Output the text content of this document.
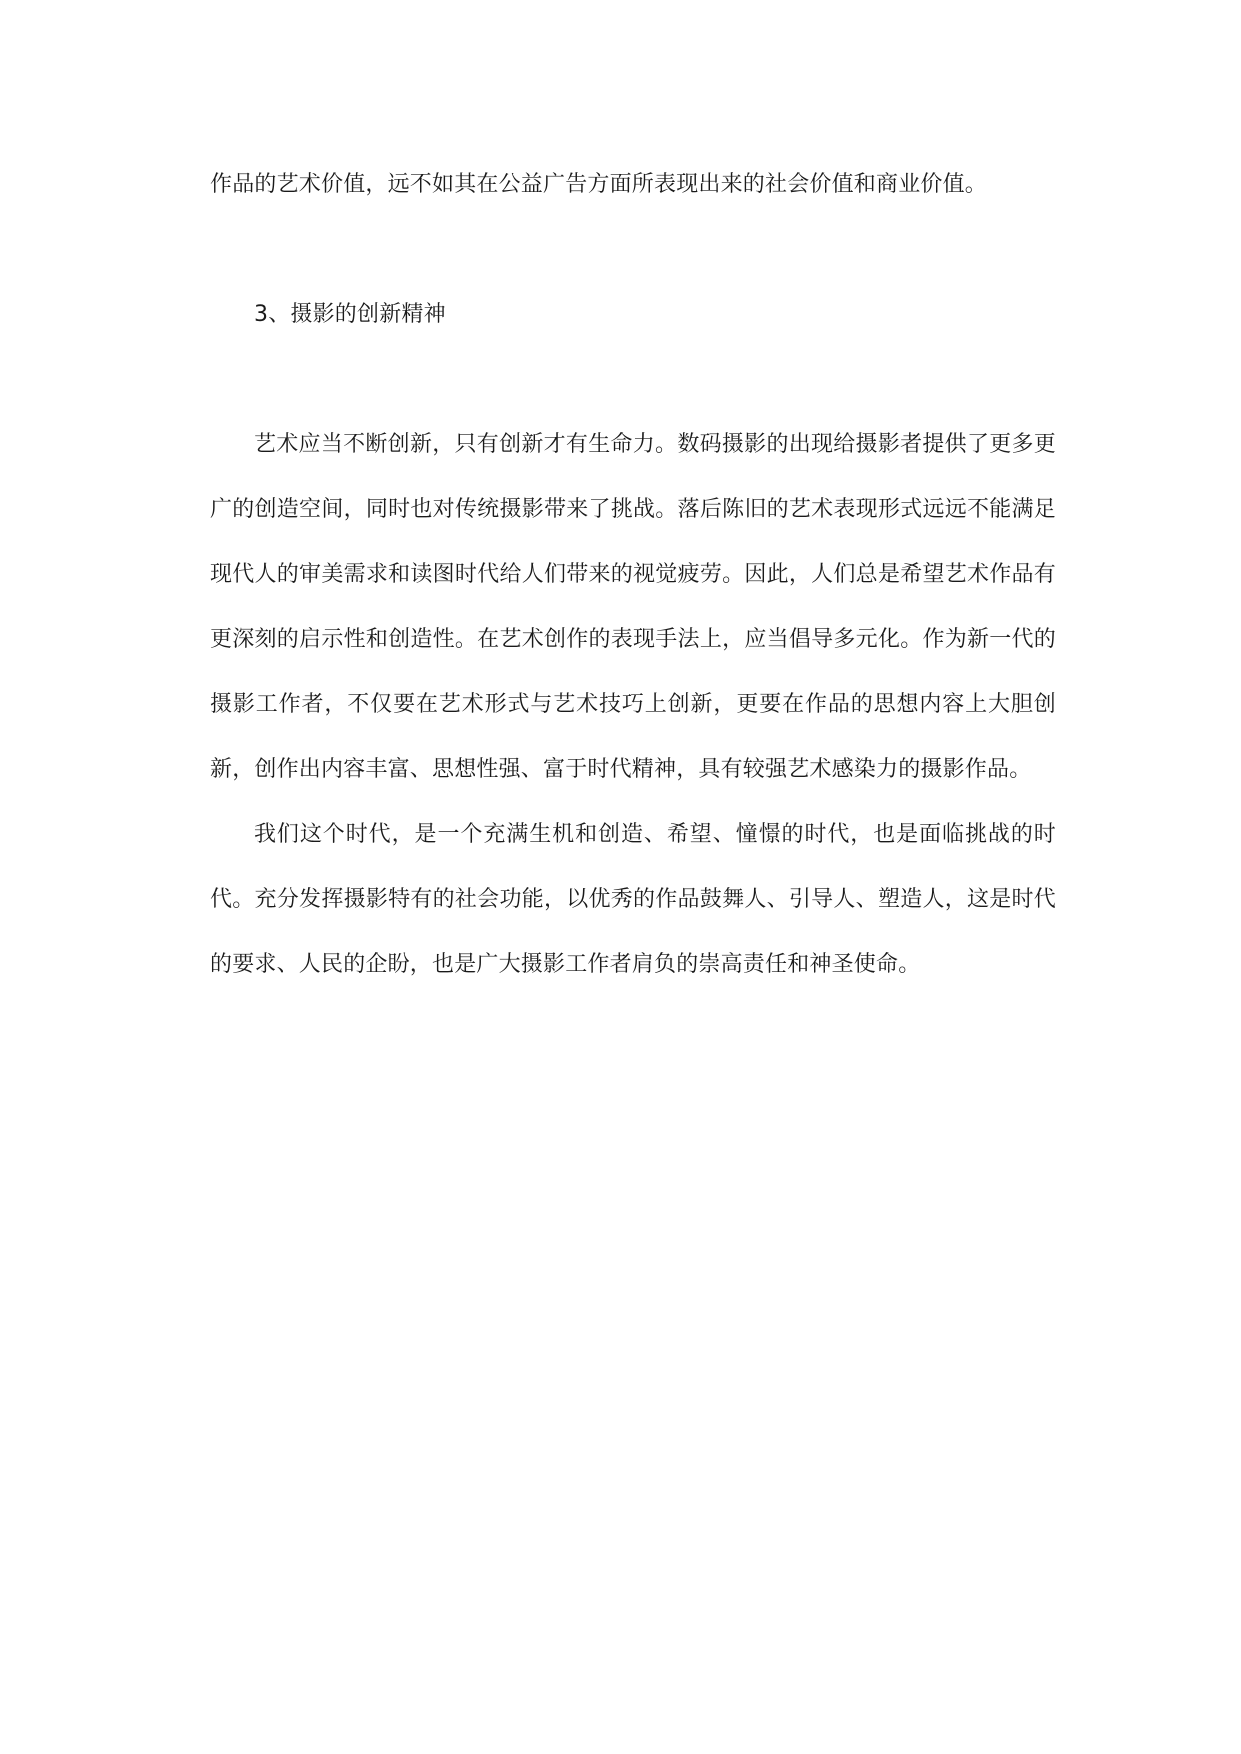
作品的艺术价值，远不如其在公益广告方面所表现出来的社会价值和商业价值。

3、摄影的创新精神

艺术应当不断创新，只有创新才有生命力。数码摄影的出现给摄影者提供了更多更广的创造空间，同时也对传统摄影带来了挑战。落后陈旧的艺术表现形式远远不能满足现代人的审美需求和读图时代给人们带来的视觉疲劳。因此，人们总是希望艺术作品有更深刻的启示性和创造性。在艺术创作的表现手法上，应当倡导多元化。作为新一代的摄影工作者，不仅要在艺术形式与艺术技巧上创新，更要在作品的思想内容上大胆创新，创作出内容丰富、思想性强、富于时代精神，具有较强艺术感染力的摄影作品。

我们这个时代，是一个充满生机和创造、希望、憧憬的时代，也是面临挑战的时代。充分发挥摄影特有的社会功能，以优秀的作品鼓舞人、引导人、塑造人，这是时代的要求、人民的企盼，也是广大摄影工作者肩负的崇高责任和神圣使命。
